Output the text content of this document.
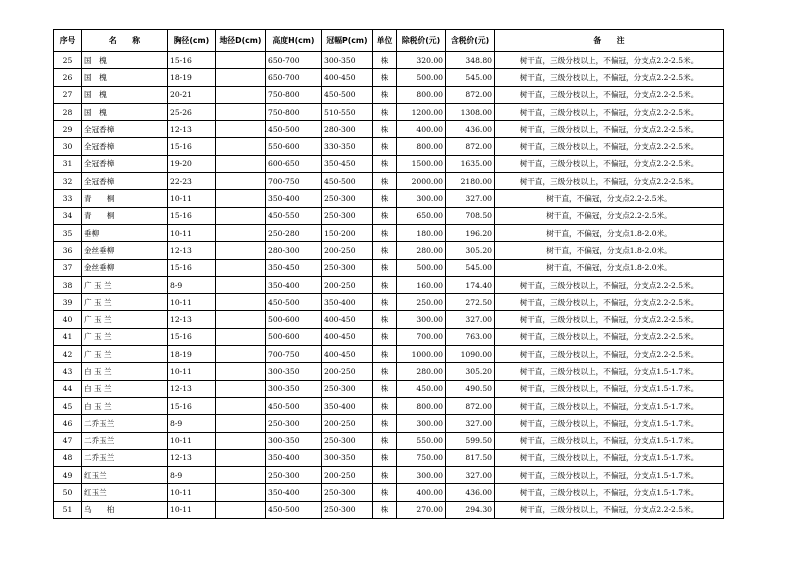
序号	名　　称	胸径(cm)	地径D(cm)	高度H(cm)	冠幅P(cm)	单位	除税价(元)	含税价(元)	备　　注
25	国　槐	15-16		650-700	300-350	株	320.00	348.80	树干直，三级分枝以上，不偏冠，分支点2.2-2.5米。
26	国　槐	18-19		650-700	400-450	株	500.00	545.00	树干直，三级分枝以上，不偏冠，分支点2.2-2.5米。
27	国　槐	20-21		750-800	450-500	株	800.00	872.00	树干直，三级分枝以上，不偏冠，分支点2.2-2.5米。
28	国　槐	25-26		750-800	510-550	株	1200.00	1308.00	树干直，三级分枝以上，不偏冠，分支点2.2-2.5米。
29	全冠香樟	12-13		450-500	280-300	株	400.00	436.00	树干直，三级分枝以上，不偏冠，分支点2.2-2.5米。
30	全冠香樟	15-16		550-600	330-350	株	800.00	872.00	树干直，三级分枝以上，不偏冠，分支点2.2-2.5米。
31	全冠香樟	19-20		600-650	350-450	株	1500.00	1635.00	树干直，三级分枝以上，不偏冠，分支点2.2-2.5米。
32	全冠香樟	22-23		700-750	450-500	株	2000.00	2180.00	树干直，三级分枝以上，不偏冠，分支点2.2-2.5米。
33	青　　桐	10-11		350-400	250-300	株	300.00	327.00	树干直，不偏冠，分支点2.2-2.5米。
34	青　　桐	15-16		450-550	250-300	株	650.00	708.50	树干直，不偏冠，分支点2.2-2.5米。
35	垂柳	10-11		250-280	150-200	株	180.00	196.20	树干直，不偏冠，分支点1.8-2.0米。
36	金丝垂柳	12-13		280-300	200-250	株	280.00	305.20	树干直，不偏冠，分支点1.8-2.0米。
37	金丝垂柳	15-16		350-450	250-300	株	500.00	545.00	树干直，不偏冠，分支点1.8-2.0米。
38	广 玉 兰	8-9		350-400	200-250	株	160.00	174.40	树干直，三级分枝以上，不偏冠，分支点2.2-2.5米。
39	广 玉 兰	10-11		450-500	350-400	株	250.00	272.50	树干直，三级分枝以上，不偏冠，分支点2.2-2.5米。
40	广 玉 兰	12-13		500-600	400-450	株	300.00	327.00	树干直，三级分枝以上，不偏冠，分支点2.2-2.5米。
41	广 玉 兰	15-16		500-600	400-450	株	700.00	763.00	树干直，三级分枝以上，不偏冠，分支点2.2-2.5米。
42	广 玉 兰	18-19		700-750	400-450	株	1000.00	1090.00	树干直，三级分枝以上，不偏冠，分支点2.2-2.5米。
43	白 玉 兰	10-11		300-350	200-250	株	280.00	305.20	树干直，三级分枝以上，不偏冠，分支点1.5-1.7米。
44	白 玉 兰	12-13		300-350	250-300	株	450.00	490.50	树干直，三级分枝以上，不偏冠，分支点1.5-1.7米。
45	白 玉 兰	15-16		450-500	350-400	株	800.00	872.00	树干直，三级分枝以上，不偏冠，分支点1.5-1.7米。
46	二乔玉兰	8-9		250-300	200-250	株	300.00	327.00	树干直，三级分枝以上，不偏冠，分支点1.5-1.7米。
47	二乔玉兰	10-11		300-350	250-300	株	550.00	599.50	树干直，三级分枝以上，不偏冠，分支点1.5-1.7米。
48	二乔玉兰	12-13		350-400	300-350	株	750.00	817.50	树干直，三级分枝以上，不偏冠，分支点1.5-1.7米。
49	红玉兰	8-9		250-300	200-250	株	300.00	327.00	树干直，三级分枝以上，不偏冠，分支点1.5-1.7米。
50	红玉兰	10-11		350-400	250-300	株	400.00	436.00	树干直，三级分枝以上，不偏冠，分支点1.5-1.7米。
51	乌　　桕	10-11		450-500	250-300	株	270.00	294.30	树干直，三级分枝以上，不偏冠，分支点2.2-2.5米。
